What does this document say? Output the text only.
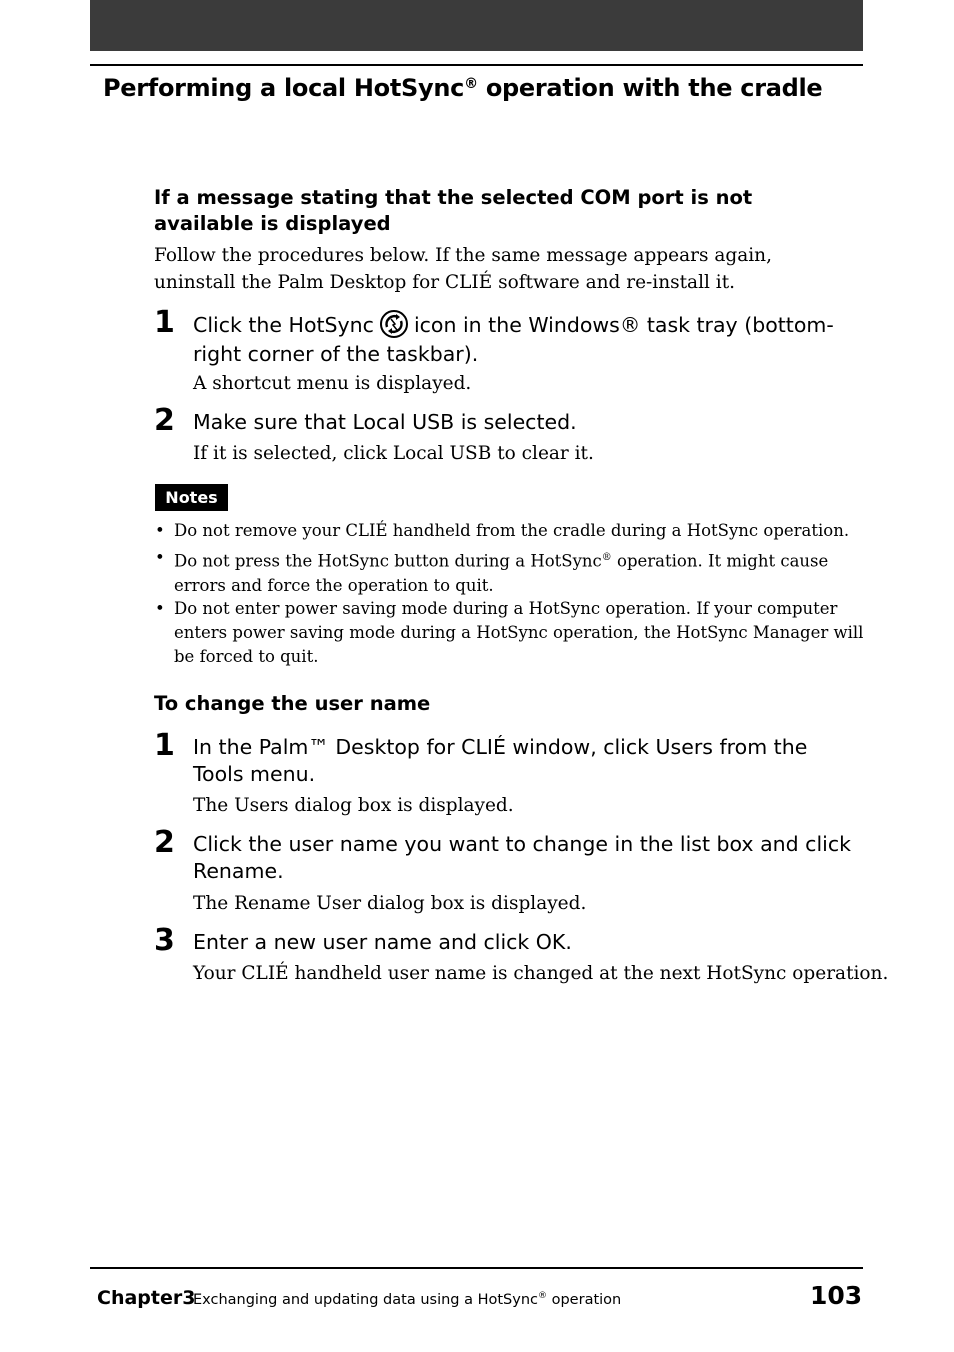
Performing a local HotSync® operation with the cradle
If a message stating that the selected COM port is not available is displayed
Follow the procedures below. If the same message appears again, uninstall the Palm Desktop for CLIÉ software and re-install it.
1 Click the HotSync icon in the Windows® task tray (bottom-right corner of the taskbar).
A shortcut menu is displayed.
2 Make sure that Local USB is selected.
If it is selected, click Local USB to clear it.
Notes
• Do not remove your CLIÉ handheld from the cradle during a HotSync operation.
• Do not press the HotSync button during a HotSync® operation. It might cause errors and force the operation to quit.
• Do not enter power saving mode during a HotSync operation. If your computer enters power saving mode during a HotSync operation, the HotSync Manager will be forced to quit.
To change the user name
1 In the Palm™ Desktop for CLIÉ window, click Users from the Tools menu.
The Users dialog box is displayed.
2 Click the user name you want to change in the list box and click Rename.
The Rename User dialog box is displayed.
3 Enter a new user name and click OK.
Your CLIÉ handheld user name is changed at the next HotSync operation.
Chapter3
Exchanging and updating data using a HotSync® operation	103
